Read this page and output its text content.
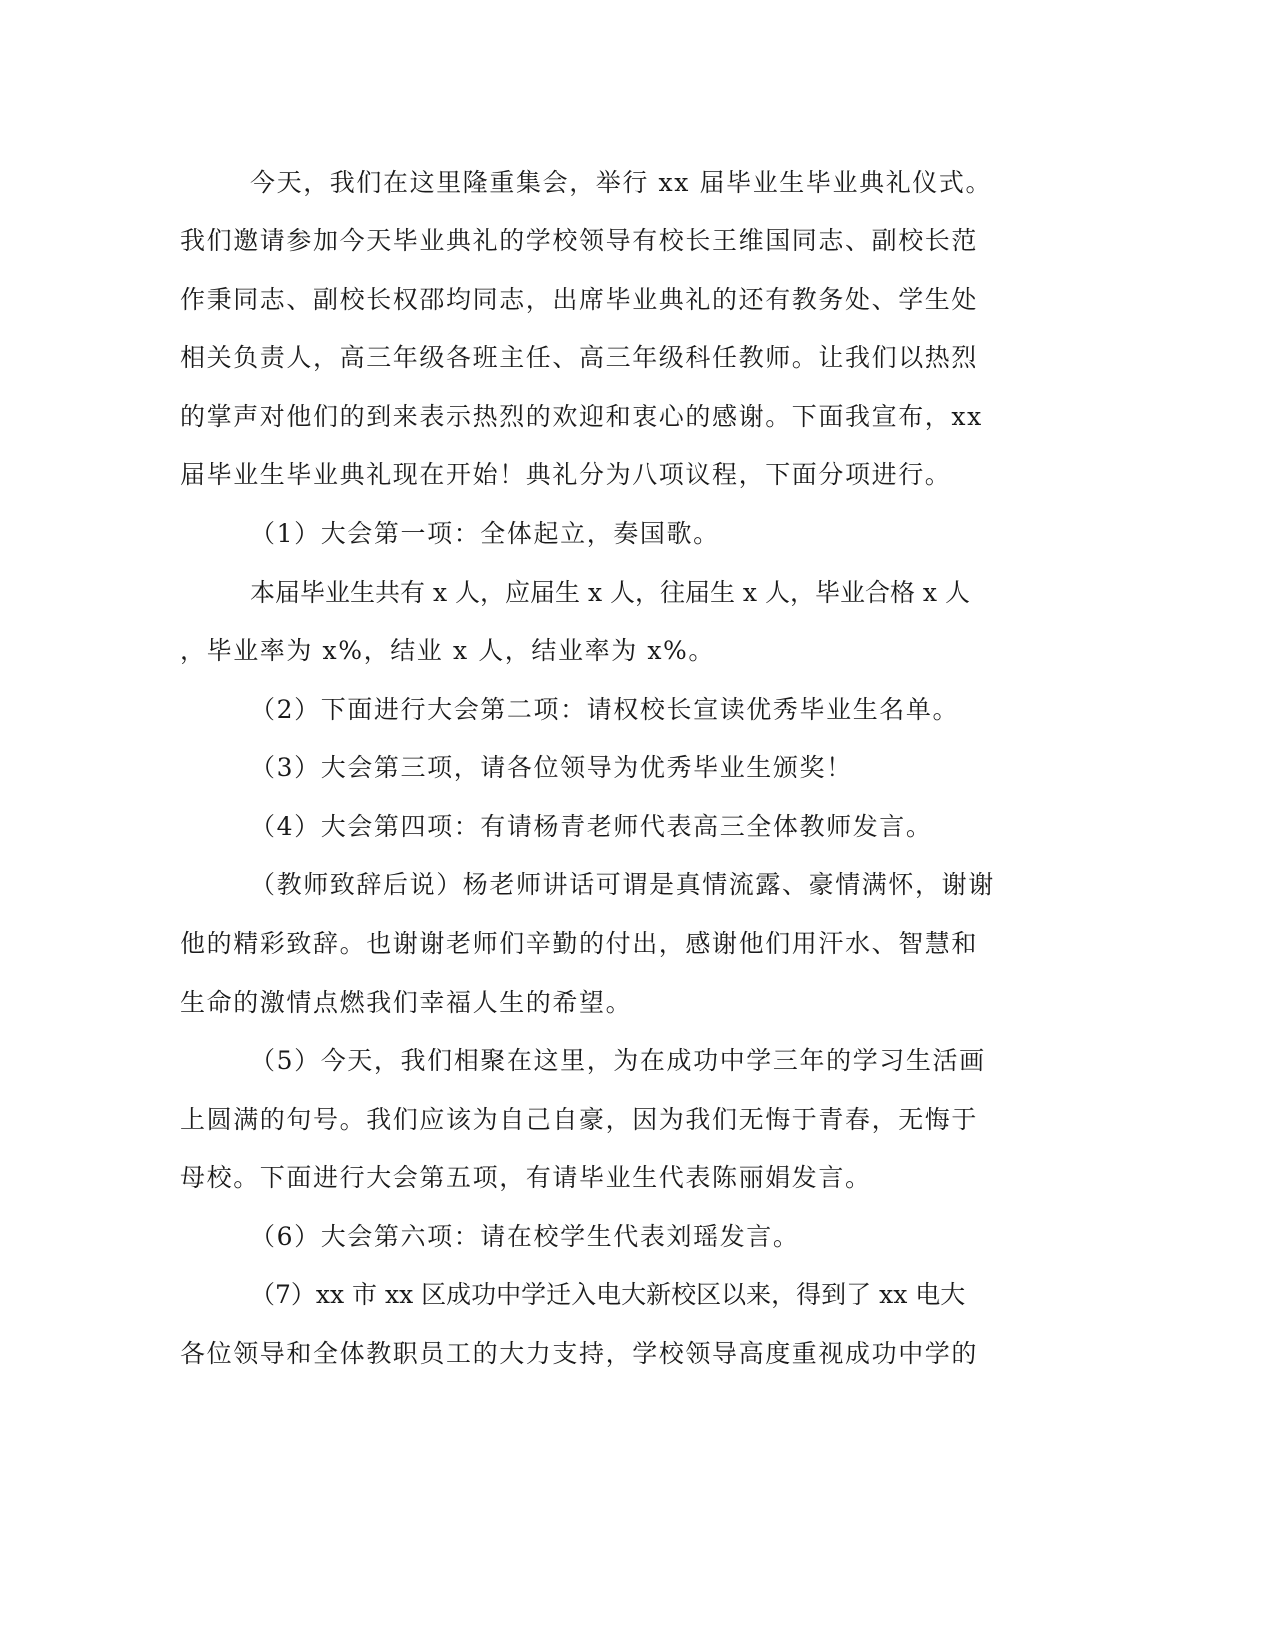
今天，我们在这里隆重集会，举行 xx 届毕业生毕业典礼仪式。
我们邀请参加今天毕业典礼的学校领导有校长王维国同志、副校长范
作秉同志、副校长权邵均同志，出席毕业典礼的还有教务处、学生处
相关负责人，高三年级各班主任、高三年级科任教师。让我们以热烈
的掌声对他们的到来表示热烈的欢迎和衷心的感谢。下面我宣布，xx
届毕业生毕业典礼现在开始！典礼分为八项议程，下面分项进行。
（1）大会第一项：全体起立，奏国歌。
本届毕业生共有 x 人，应届生 x 人，往届生 x 人，毕业合格 x 人
，毕业率为 x%，结业 x 人，结业率为 x%。
（2）下面进行大会第二项：请权校长宣读优秀毕业生名单。
（3）大会第三项，请各位领导为优秀毕业生颁奖！
（4）大会第四项：有请杨青老师代表高三全体教师发言。
（教师致辞后说）杨老师讲话可谓是真情流露、豪情满怀，谢谢
他的精彩致辞。也谢谢老师们辛勤的付出，感谢他们用汗水、智慧和
生命的激情点燃我们幸福人生的希望。
（5）今天，我们相聚在这里，为在成功中学三年的学习生活画
上圆满的句号。我们应该为自己自豪，因为我们无悔于青春，无悔于
母校。下面进行大会第五项，有请毕业生代表陈丽娟发言。
（6）大会第六项：请在校学生代表刘瑶发言。
（7）xx 市 xx 区成功中学迁入电大新校区以来，得到了 xx 电大
各位领导和全体教职员工的大力支持，学校领导高度重视成功中学的
